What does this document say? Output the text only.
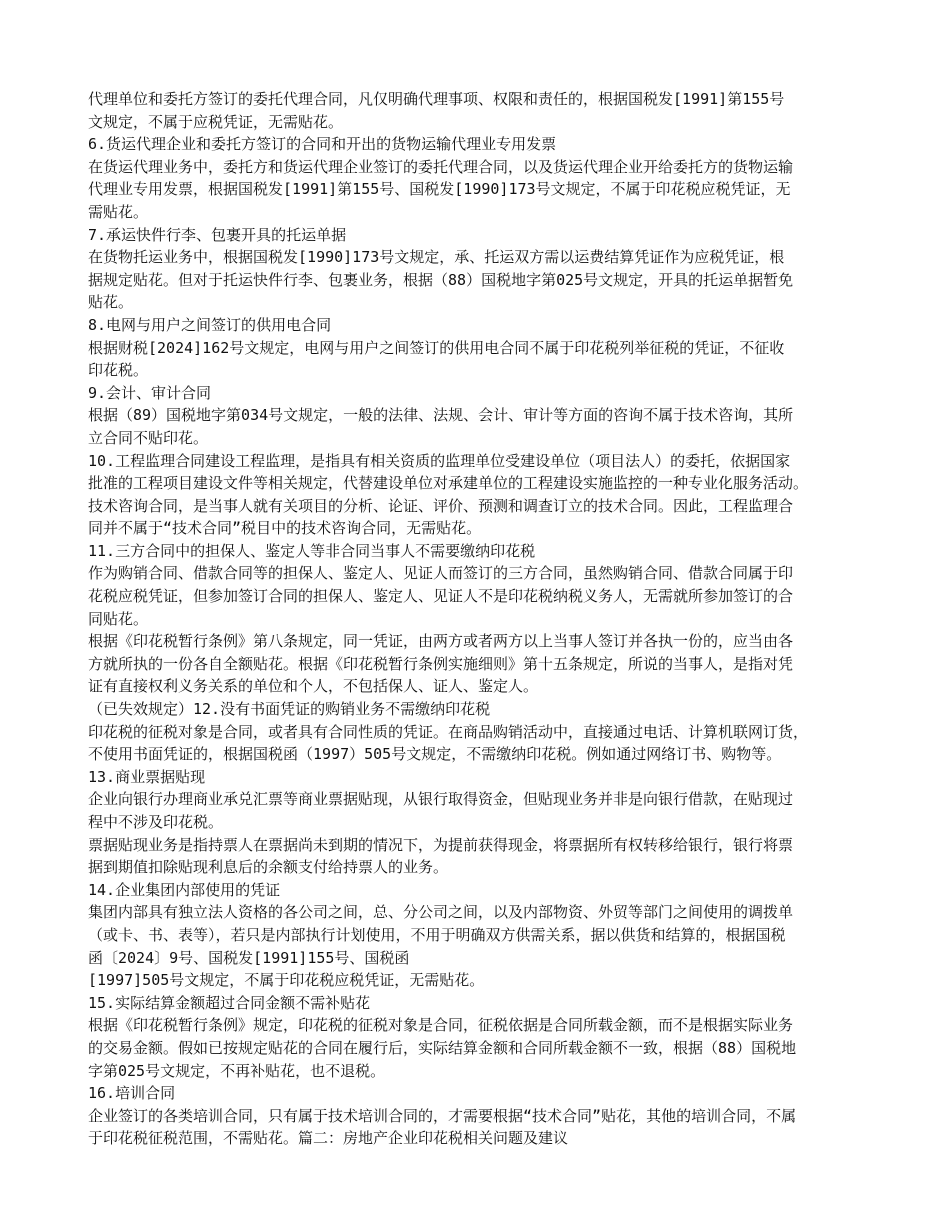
代理单位和委托方签订的委托代理合同，凡仅明确代理事项、权限和责任的，根据国税发[1991]第155号

文规定，不属于应税凭证，无需贴花。

6.货运代理企业和委托方签订的合同和开出的货物运输代理业专用发票

在货运代理业务中，委托方和货运代理企业签订的委托代理合同，以及货运代理企业开给委托方的货物运输

代理业专用发票，根据国税发[1991]第155号、国税发[1990]173号文规定，不属于印花税应税凭证，无

需贴花。

7.承运快件行李、包裹开具的托运单据

在货物托运业务中，根据国税发[1990]173号文规定，承、托运双方需以运费结算凭证作为应税凭证，根

据规定贴花。但对于托运快件行李、包裹业务，根据（88）国税地字第025号文规定，开具的托运单据暂免

贴花。

8.电网与用户之间签订的供用电合同

根据财税[2024]162号文规定，电网与用户之间签订的供用电合同不属于印花税列举征税的凭证，不征收

印花税。

9.会计、审计合同

根据（89）国税地字第034号文规定，一般的法律、法规、会计、审计等方面的咨询不属于技术咨询，其所

立合同不贴印花。

10.工程监理合同建设工程监理，是指具有相关资质的监理单位受建设单位（项目法人）的委托，依据国家

批准的工程项目建设文件等相关规定，代替建设单位对承建单位的工程建设实施监控的一种专业化服务活动。

技术咨询合同，是当事人就有关项目的分析、论证、评价、预测和调查订立的技术合同。因此，工程监理合

同并不属于“技术合同”税目中的技术咨询合同，无需贴花。

11.三方合同中的担保人、鉴定人等非合同当事人不需要缴纳印花税

作为购销合同、借款合同等的担保人、鉴定人、见证人而签订的三方合同，虽然购销合同、借款合同属于印

花税应税凭证，但参加签订合同的担保人、鉴定人、见证人不是印花税纳税义务人，无需就所参加签订的合

同贴花。

根据《印花税暂行条例》第八条规定，同一凭证，由两方或者两方以上当事人签订并各执一份的，应当由各

方就所执的一份各自全额贴花。根据《印花税暂行条例实施细则》第十五条规定，所说的当事人，是指对凭

证有直接权利义务关系的单位和个人，不包括保人、证人、鉴定人。

（已失效规定）12.没有书面凭证的购销业务不需缴纳印花税

印花税的征税对象是合同，或者具有合同性质的凭证。在商品购销活动中，直接通过电话、计算机联网订货，

不使用书面凭证的，根据国税函（1997）505号文规定，不需缴纳印花税。例如通过网络订书、购物等。

13.商业票据贴现

企业向银行办理商业承兑汇票等商业票据贴现，从银行取得资金，但贴现业务并非是向银行借款，在贴现过

程中不涉及印花税。

票据贴现业务是指持票人在票据尚未到期的情况下，为提前获得现金，将票据所有权转移给银行，银行将票

据到期值扣除贴现利息后的余额支付给持票人的业务。

14.企业集团内部使用的凭证

集团内部具有独立法人资格的各公司之间，总、分公司之间，以及内部物资、外贸等部门之间使用的调拨单

（或卡、书、表等），若只是内部执行计划使用，不用于明确双方供需关系，据以供货和结算的，根据国税

函〔2024〕9号、国税发[1991]155号、国税函

[1997]505号文规定，不属于印花税应税凭证，无需贴花。

15.实际结算金额超过合同金额不需补贴花

根据《印花税暂行条例》规定，印花税的征税对象是合同，征税依据是合同所载金额，而不是根据实际业务

的交易金额。假如已按规定贴花的合同在履行后，实际结算金额和合同所载金额不一致，根据（88）国税地

字第025号文规定，不再补贴花，也不退税。

16.培训合同

企业签订的各类培训合同，只有属于技术培训合同的，才需要根据“技术合同”贴花，其他的培训合同，不属

于印花税征税范围，不需贴花。篇二：房地产企业印花税相关问题及建议
